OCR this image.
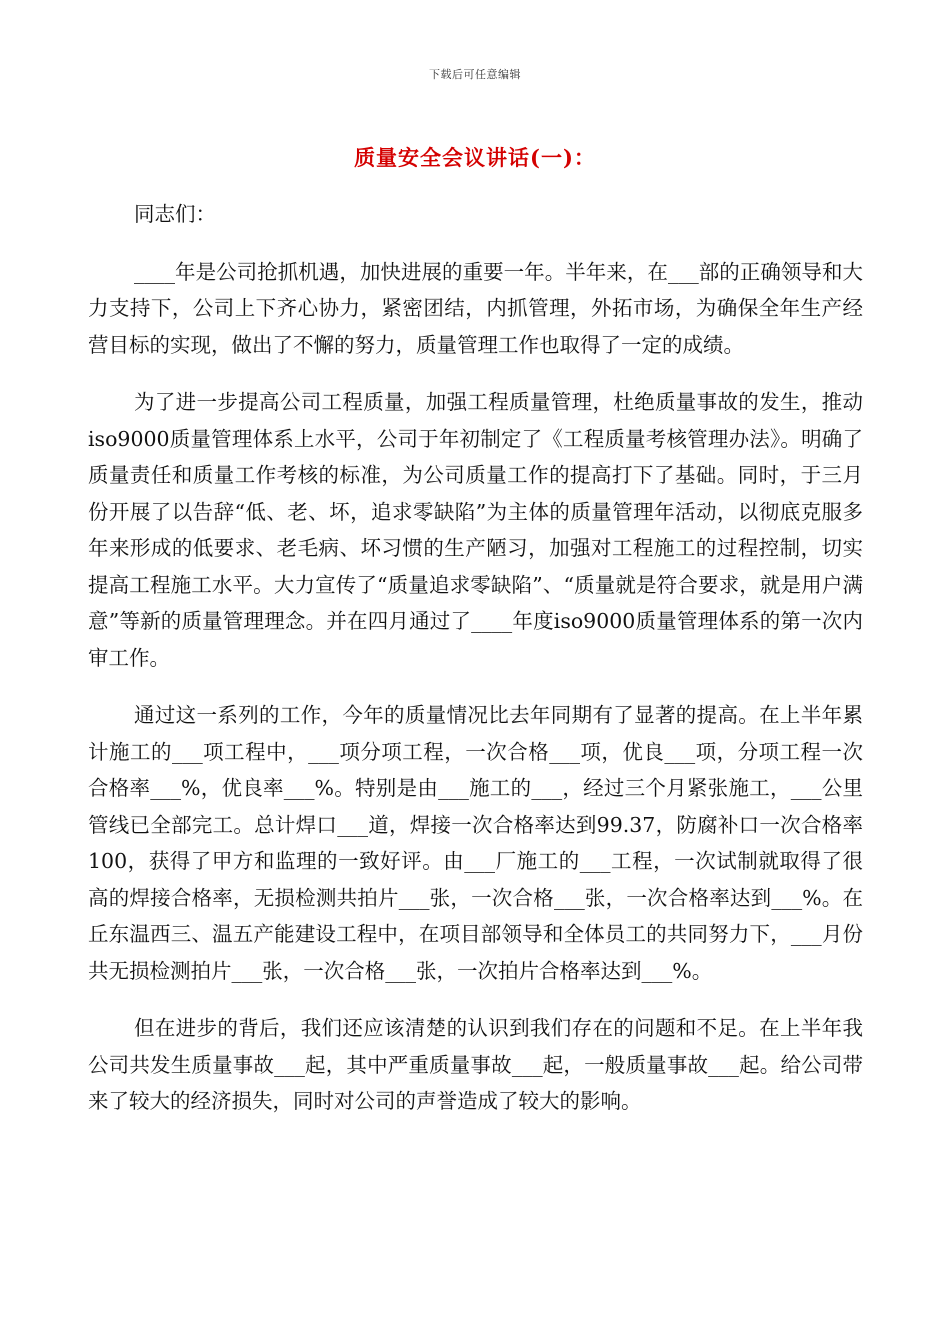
下载后可任意编辑
质量安全会议讲话(一)：

同志们：

____年是公司抢抓机遇，加快进展的重要一年。半年来，在___部的正确领导和大力支持下，公司上下齐心协力，紧密团结，内抓管理，外拓市场，为确保全年生产经营目标的实现，做出了不懈的努力，质量管理工作也取得了一定的成绩。

为了进一步提高公司工程质量，加强工程质量管理，杜绝质量事故的发生，推动iso9000质量管理体系上水平，公司于年初制定了《工程质量考核管理办法》。明确了质量责任和质量工作考核的标准，为公司质量工作的提高打下了基础。同时，于三月份开展了以告辞“低、老、坏，追求零缺陷”为主体的质量管理年活动，以彻底克服多年来形成的低要求、老毛病、坏习惯的生产陋习，加强对工程施工的过程控制，切实提高工程施工水平。大力宣传了“质量追求零缺陷”、“质量就是符合要求，就是用户满意”等新的质量管理理念。并在四月通过了____年度iso9000质量管理体系的第一次内审工作。

通过这一系列的工作，今年的质量情况比去年同期有了显著的提高。在上半年累计施工的___项工程中，___项分项工程，一次合格___项，优良___项，分项工程一次合格率___%，优良率___%。特别是由___施工的___，经过三个月紧张施工，___公里管线已全部完工。总计焊口___道，焊接一次合格率达到99.37，防腐补口一次合格率100，获得了甲方和监理的一致好评。由___厂施工的___工程，一次试制就取得了很高的焊接合格率，无损检测共拍片___张，一次合格___张，一次合格率达到___%。在丘东温西三、温五产能建设工程中，在项目部领导和全体员工的共同努力下，___月份共无损检测拍片___张，一次合格___张，一次拍片合格率达到___%。

但在进步的背后，我们还应该清楚的认识到我们存在的问题和不足。在上半年我公司共发生质量事故___起，其中严重质量事故___起，一般质量事故___起。给公司带来了较大的经济损失，同时对公司的声誉造成了较大的影响。
